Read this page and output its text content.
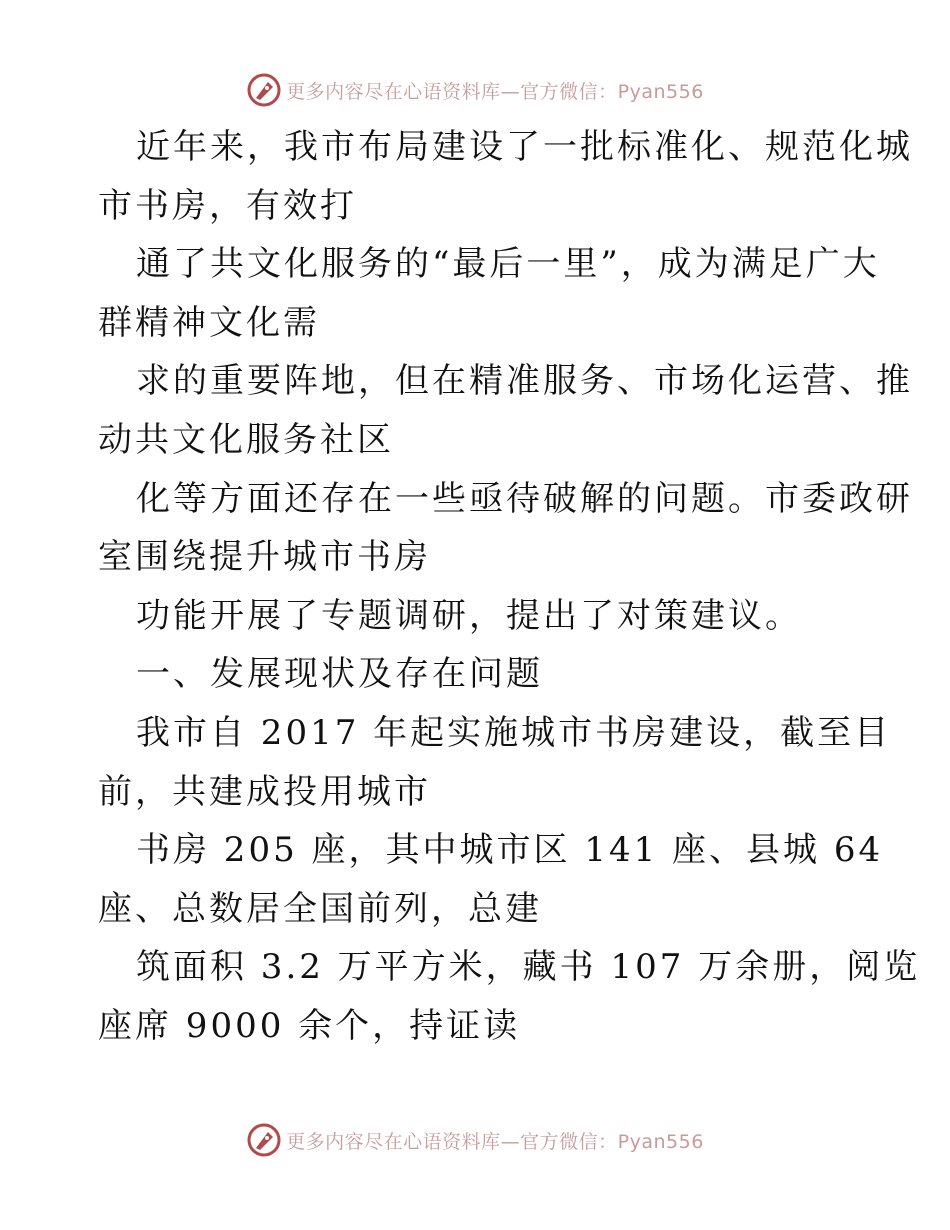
更多内容尽在心语资料库—官方微信：Pyan556
近年来，我市布局建设了一批标准化、规范化城
市书房，有效打
通了共文化服务的“最后一里”，成为满足广大
群精神文化需
求的重要阵地，但在精准服务、市场化运营、推
动共文化服务社区
化等方面还存在一些亟待破解的问题。市委政研
室围绕提升城市书房
功能开展了专题调研，提出了对策建议。
一、发展现状及存在问题
我市自 2017 年起实施城市书房建设，截至目
前，共建成投用城市
书房 205 座，其中城市区 141 座、县城 64
座、总数居全国前列，总建
筑面积 3.2 万平方米，藏书 107 万余册，阅览
座席 9000 余个，持证读
更多内容尽在心语资料库—官方微信：Pyan556
